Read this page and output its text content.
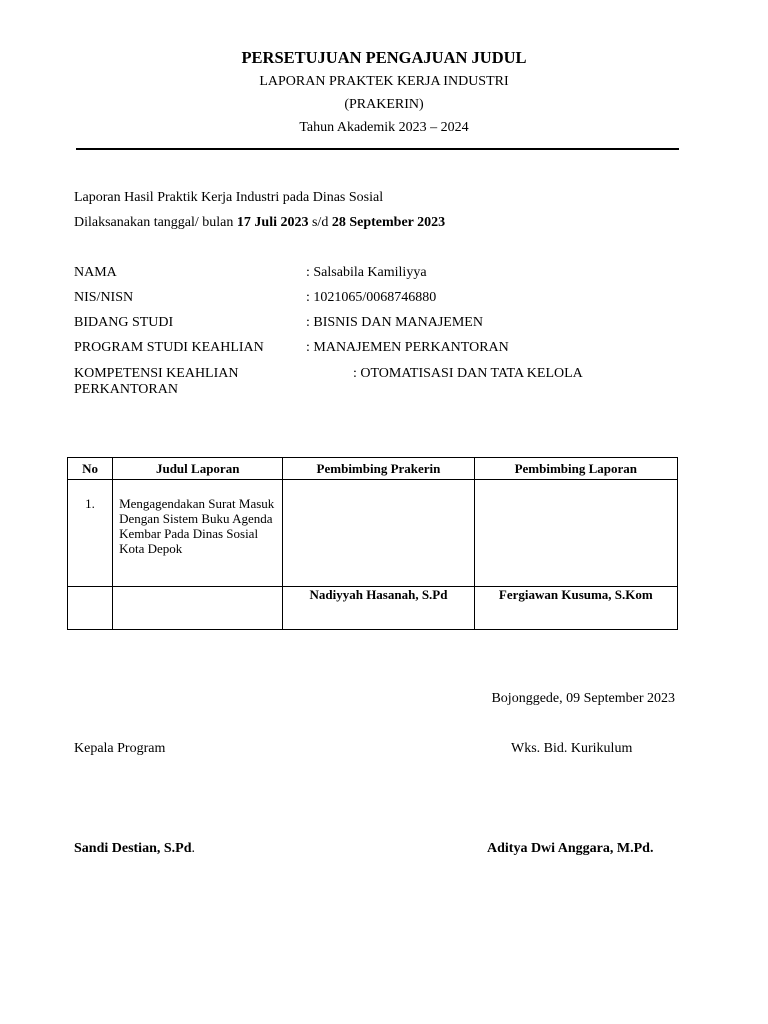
PERSETUJUAN PENGAJUAN JUDUL
LAPORAN PRAKTEK KERJA INDUSTRI
(PRAKERIN)
Tahun Akademik 2023 – 2024
Laporan Hasil Praktik Kerja Industri pada Dinas Sosial
Dilaksanakan tanggal/ bulan 17 Juli 2023 s/d 28 September 2023
NAMA	: Salsabila Kamiliyya
NIS/NISN	: 1021065/0068746880
BIDANG STUDI	: BISNIS DAN MANAJEMEN
PROGRAM STUDI KEAHLIAN	: MANAJEMEN PERKANTORAN
KOMPETENSI KEAHLIAN
PERKANTORAN
: OTOMATISASI DAN TATA KELOLA
No	Judul Laporan	Pembimbing Prakerin	Pembimbing Laporan
1.	Mengagendakan Surat Masuk Dengan Sistem Buku Agenda Kembar Pada Dinas Sosial Kota Depok		
		Nadiyyah Hasanah, S.Pd	Fergiawan Kusuma, S.Kom
Bojonggede, 09 September 2023
Kepala Program	Wks. Bid. Kurikulum
Sandi Destian, S.Pd.	Aditya Dwi Anggara, M.Pd.
